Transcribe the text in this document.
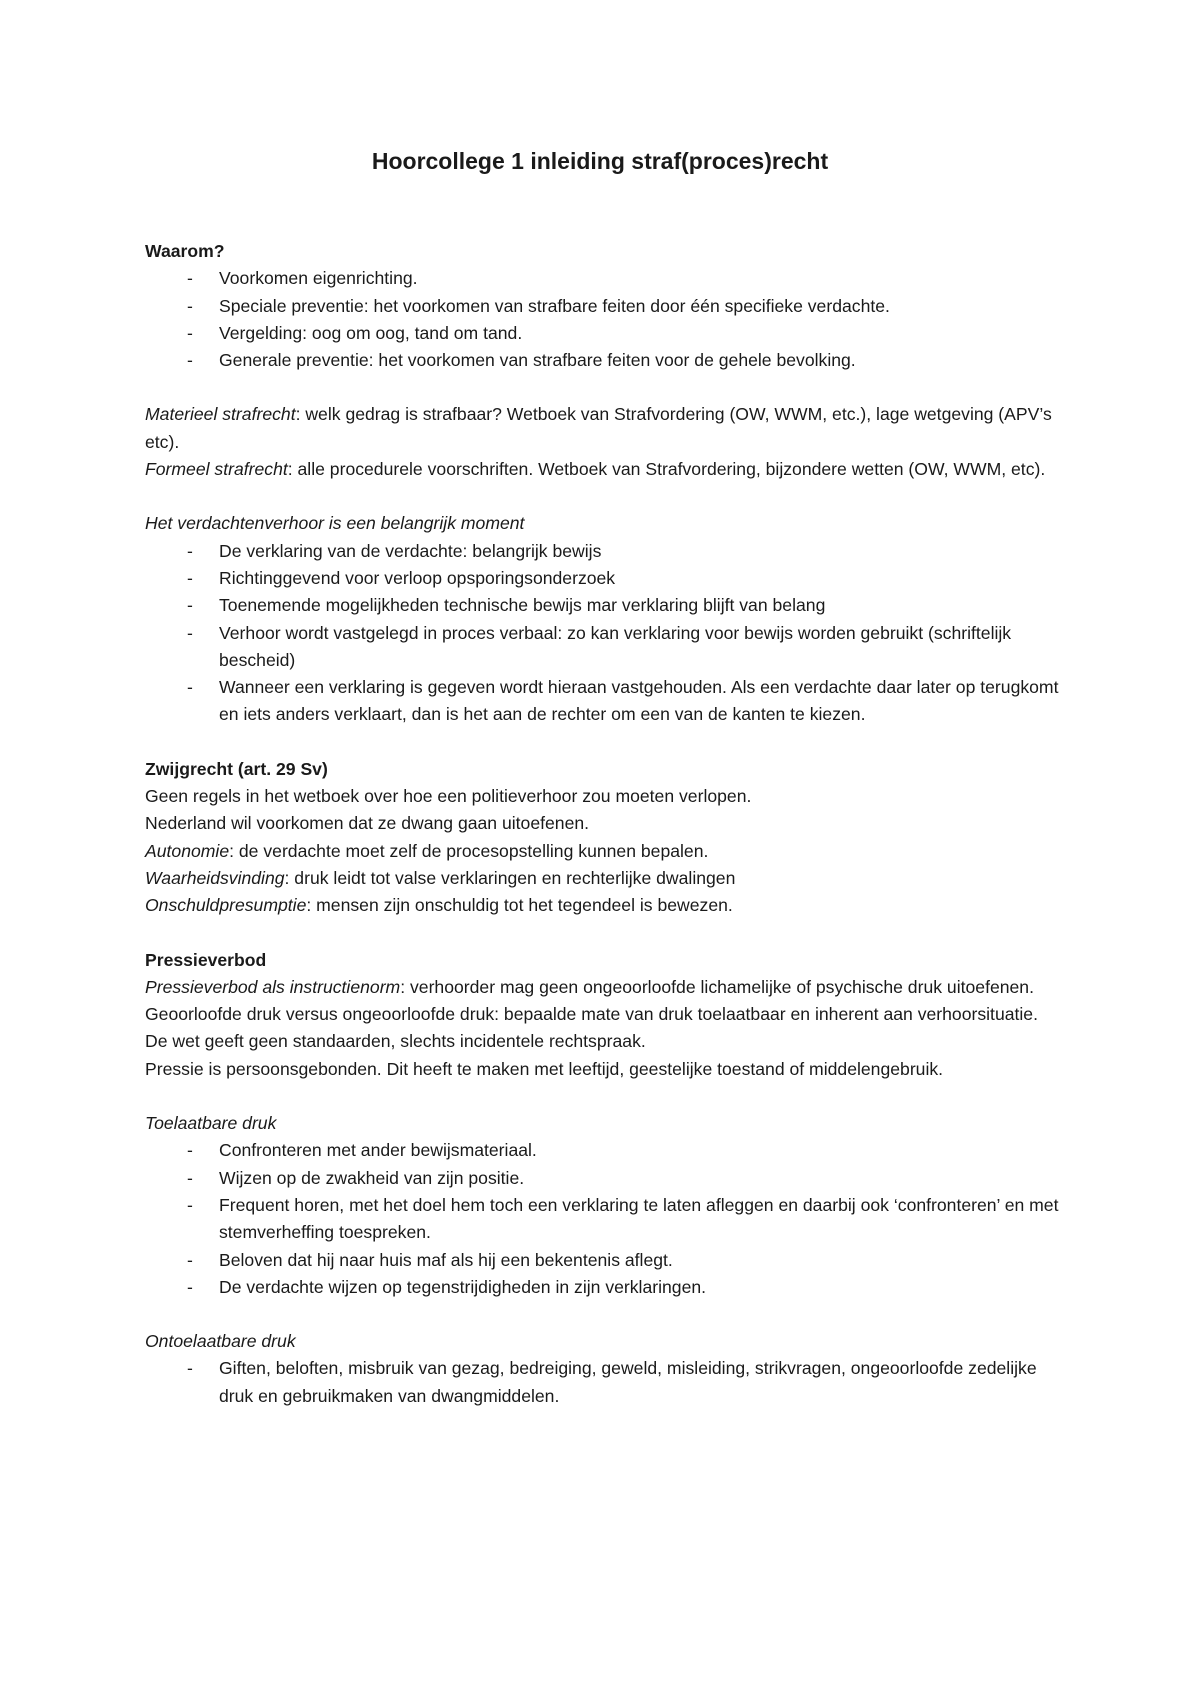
Hoorcollege 1 inleiding straf(proces)recht

Waarom?

- Voorkomen eigenrichting.
- Speciale preventie: het voorkomen van strafbare feiten door één specifieke verdachte.
- Vergelding: oog om oog, tand om tand.
- Generale preventie: het voorkomen van strafbare feiten voor de gehele bevolking.

Materieel strafrecht: welk gedrag is strafbaar? Wetboek van Strafvordering (OW, WWM, etc.), lage wetgeving (APV’s etc).

Formeel strafrecht: alle procedurele voorschriften. Wetboek van Strafvordering, bijzondere wetten (OW, WWM, etc).

Het verdachtenverhoor is een belangrijk moment

- De verklaring van de verdachte: belangrijk bewijs
- Richtinggevend voor verloop opsporingsonderzoek
- Toenemende mogelijkheden technische bewijs mar verklaring blijft van belang
- Verhoor wordt vastgelegd in proces verbaal: zo kan verklaring voor bewijs worden gebruikt (schriftelijk bescheid)
- Wanneer een verklaring is gegeven wordt hieraan vastgehouden. Als een verdachte daar later op terugkomt en iets anders verklaart, dan is het aan de rechter om een van de kanten te kiezen.

Zwijgrecht (art. 29 Sv)

Geen regels in het wetboek over hoe een politieverhoor zou moeten verlopen.

Nederland wil voorkomen dat ze dwang gaan uitoefenen.

Autonomie: de verdachte moet zelf de procesopstelling kunnen bepalen.

Waarheidsvinding: druk leidt tot valse verklaringen en rechterlijke dwalingen

Onschuldpresumptie: mensen zijn onschuldig tot het tegendeel is bewezen.

Pressieverbod

Pressieverbod als instructienorm: verhoorder mag geen ongeoorloofde lichamelijke of psychische druk uitoefenen.

Geoorloofde druk versus ongeoorloofde druk: bepaalde mate van druk toelaatbaar en inherent aan verhoorsituatie.

De wet geeft geen standaarden, slechts incidentele rechtspraak.

Pressie is persoonsgebonden. Dit heeft te maken met leeftijd, geestelijke toestand of middelengebruik.

Toelaatbare druk

- Confronteren met ander bewijsmateriaal.
- Wijzen op de zwakheid van zijn positie.
- Frequent horen, met het doel hem toch een verklaring te laten afleggen en daarbij ook ‘confronteren’ en met stemverheffing toespreken.
- Beloven dat hij naar huis maf als hij een bekentenis aflegt.
- De verdachte wijzen op tegenstrijdigheden in zijn verklaringen.

Ontoelaatbare druk

- Giften, beloften, misbruik van gezag, bedreiging, geweld, misleiding, strikvragen, ongeoorloofde zedelijke druk en gebruikmaken van dwangmiddelen.
